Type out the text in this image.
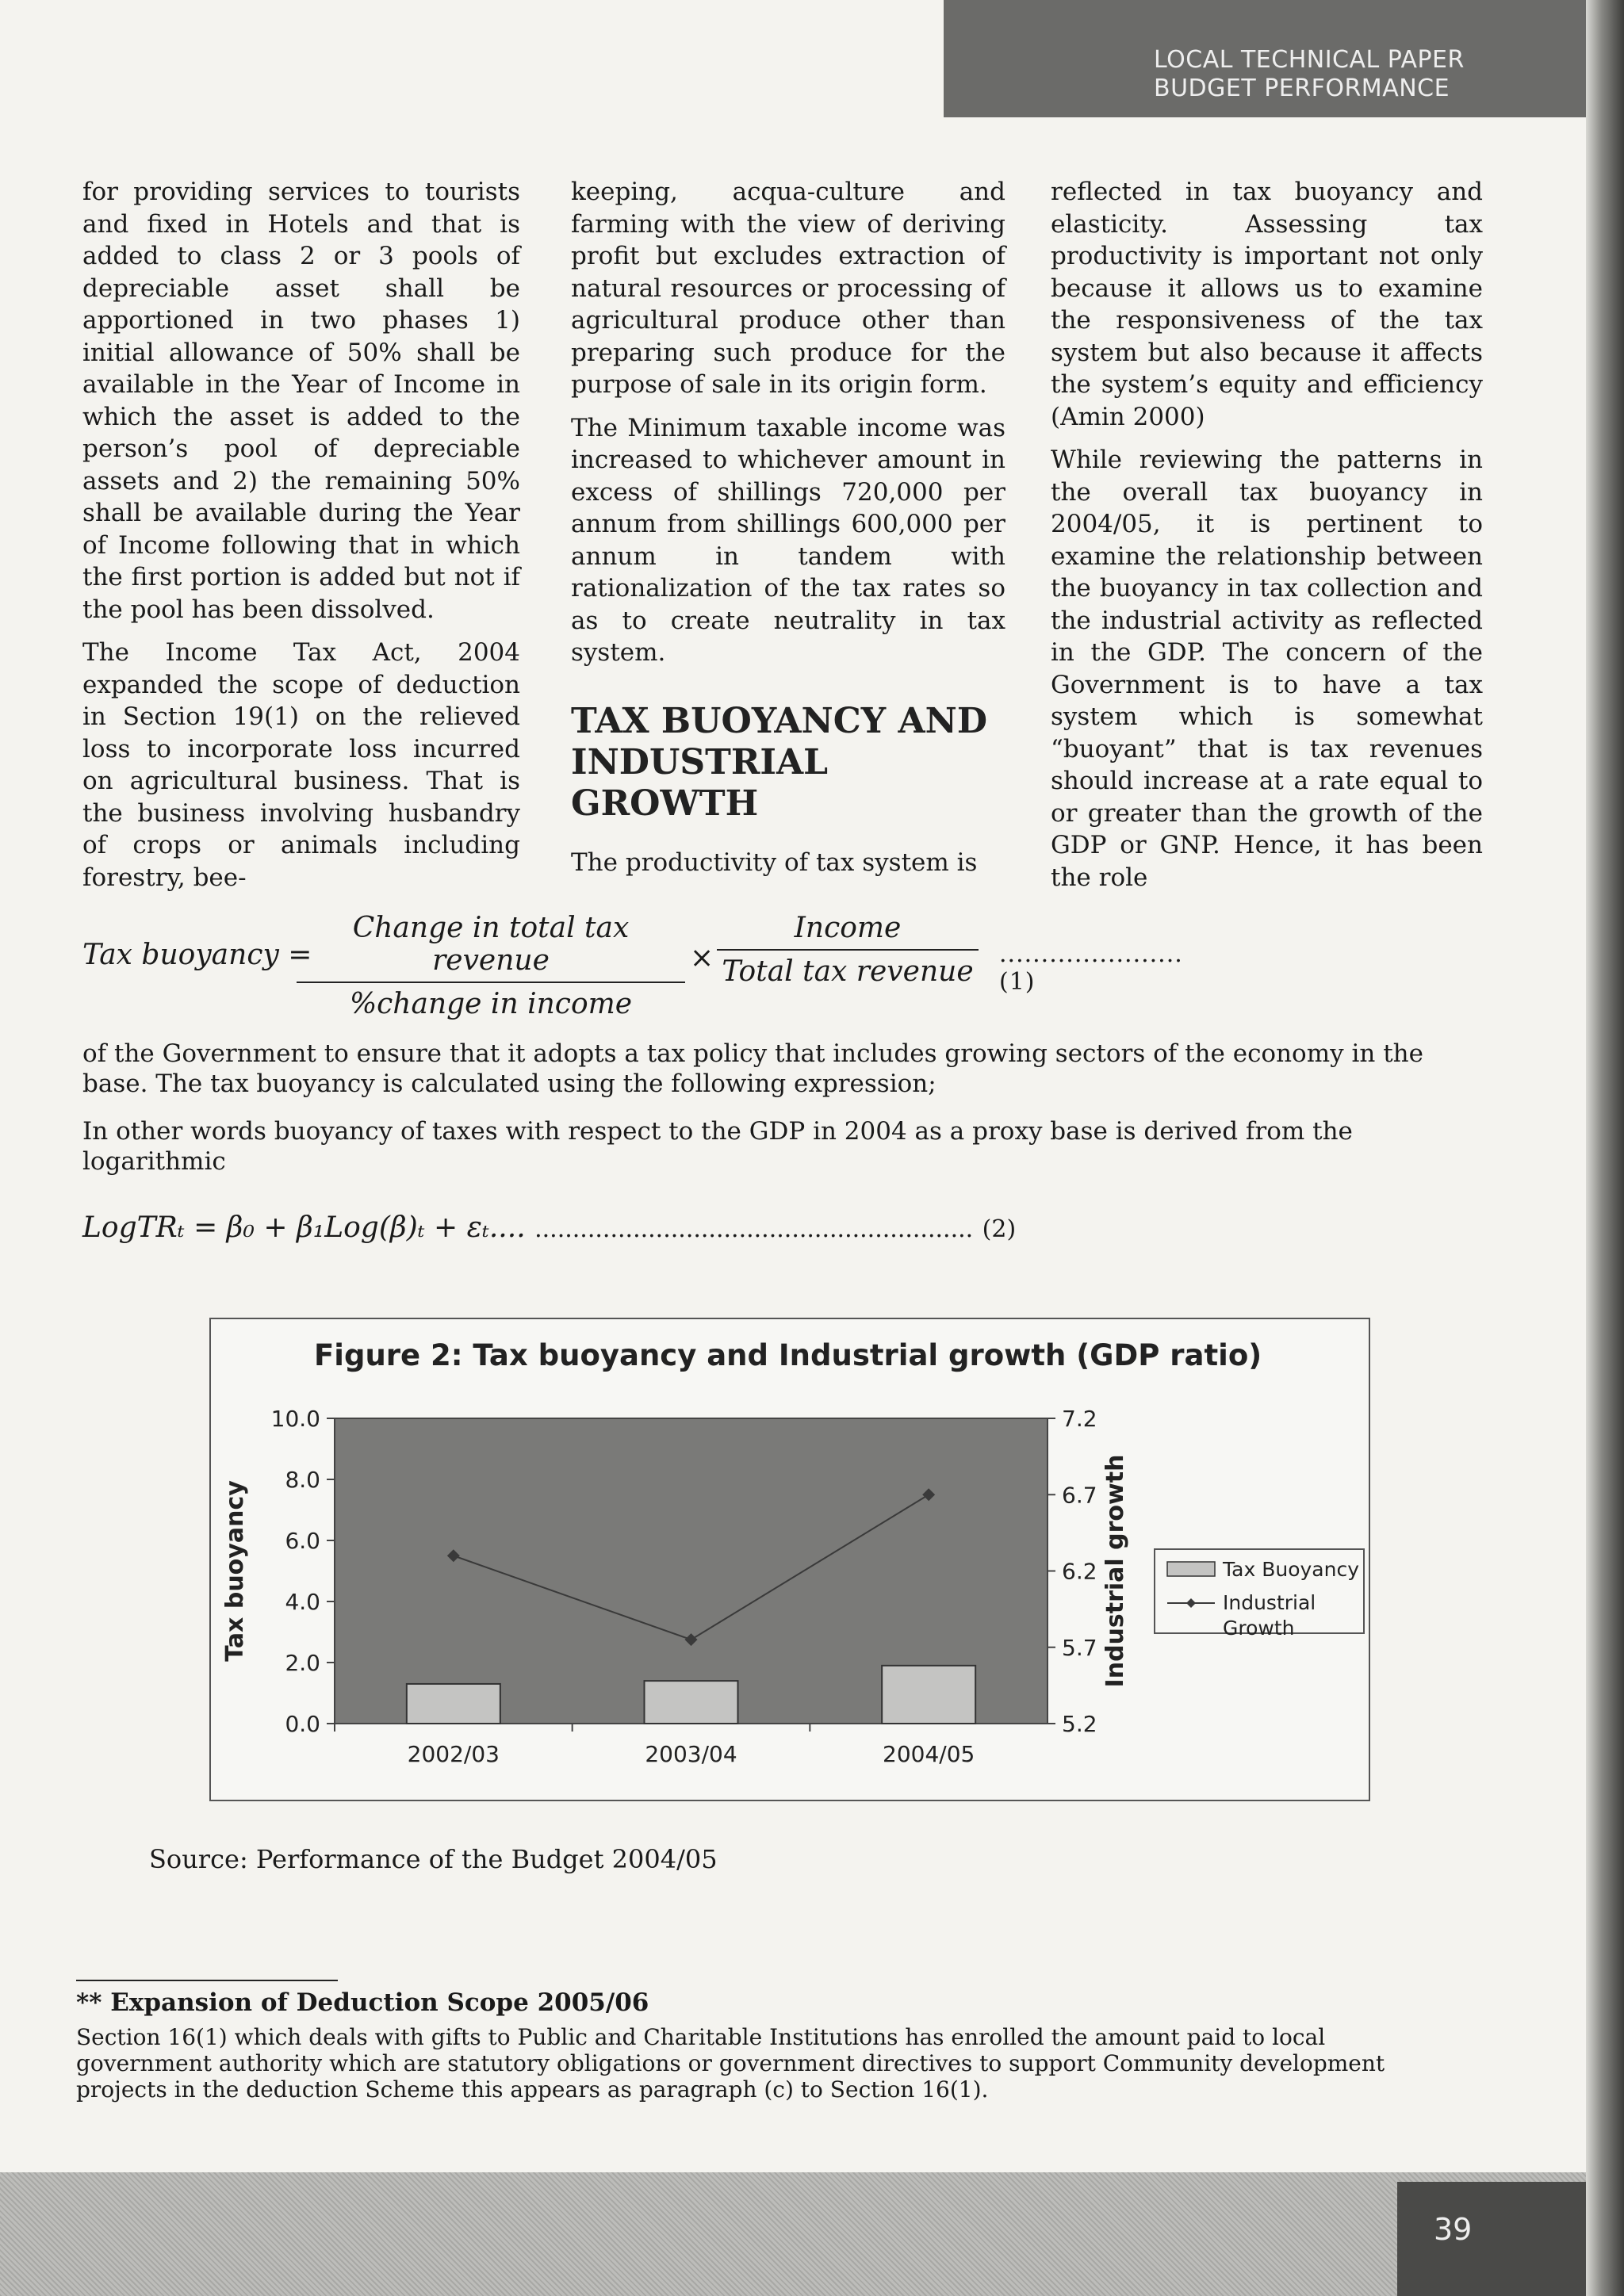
LOCAL TECHNICAL PAPER
BUDGET PERFORMANCE

for providing services to tourists and fixed in Hotels and that is added to class 2 or 3 pools of depreciable asset shall be apportioned in two phases 1) initial allowance of 50% shall be available in the Year of Income in which the asset is added to the person’s pool of depreciable assets and 2) the remaining 50% shall be available during the Year of Income following that in which the first portion is added but not if the pool has been dissolved.

The Income Tax Act, 2004 expanded the scope of deduction in Section 19(1) on the relieved loss to incorporate loss incurred on agricultural business. That is the business involving husbandry of crops or animals including forestry, bee-

keeping, acqua-culture and farming with the view of deriving profit but excludes extraction of natural resources or processing of agricultural produce other than preparing such produce for the purpose of sale in its origin form.

The Minimum taxable income was increased to whichever amount in excess of shillings 720,000 per annum from shillings 600,000 per annum in tandem with rationalization of the tax rates so as to create neutrality in tax system.

TAX BUOYANCY AND INDUSTRIAL GROWTH

The productivity of tax system is

reflected in tax buoyancy and elasticity. Assessing tax productivity is important not only because it allows us to examine the responsiveness of the tax system but also because it affects the system’s equity and efficiency (Amin 2000)

While reviewing the patterns in the overall tax buoyancy in 2004/05, it is pertinent to examine the relationship between the buoyancy in tax collection and the industrial activity as reflected in the GDP. The concern of the Government is to have a tax system which is somewhat “buoyant” that is tax revenues should increase at a rate equal to or greater than the growth of the GDP or GNP. Hence, it has been the role

Tax buoyancy =
Change in total tax revenue
%change in income
×
Income
Total tax revenue
...................... (1)
of the Government to ensure that it adopts a tax policy that includes growing sectors of the economy in the base. The tax buoyancy is calculated using the following expression;
In other words buoyancy of taxes with respect to the GDP in 2004 as a proxy base is derived from the logarithmic
LogTRₜ = β₀ + β₁Log(β)ₜ + εₜ.... .......................................................... (2)
Figure 2: Tax buoyancy and Industrial growth (GDP ratio)
0.0
2.0
4.0
6.0
8.0
10.0
5.2
5.7
6.2
6.7
7.2
2002/03	2003/04	2004/05
Tax buoyancy	Industrial growth	Tax Buoyancy
Industrial
Growth
Source: Performance of the Budget 2004/05
** Expansion of Deduction Scope 2005/06
Section 16(1) which deals with gifts to Public and Charitable Institutions has enrolled the amount paid to local government authority which are statutory obligations or government directives to support Community development projects in the deduction Scheme this appears as paragraph (c) to Section 16(1).
39
